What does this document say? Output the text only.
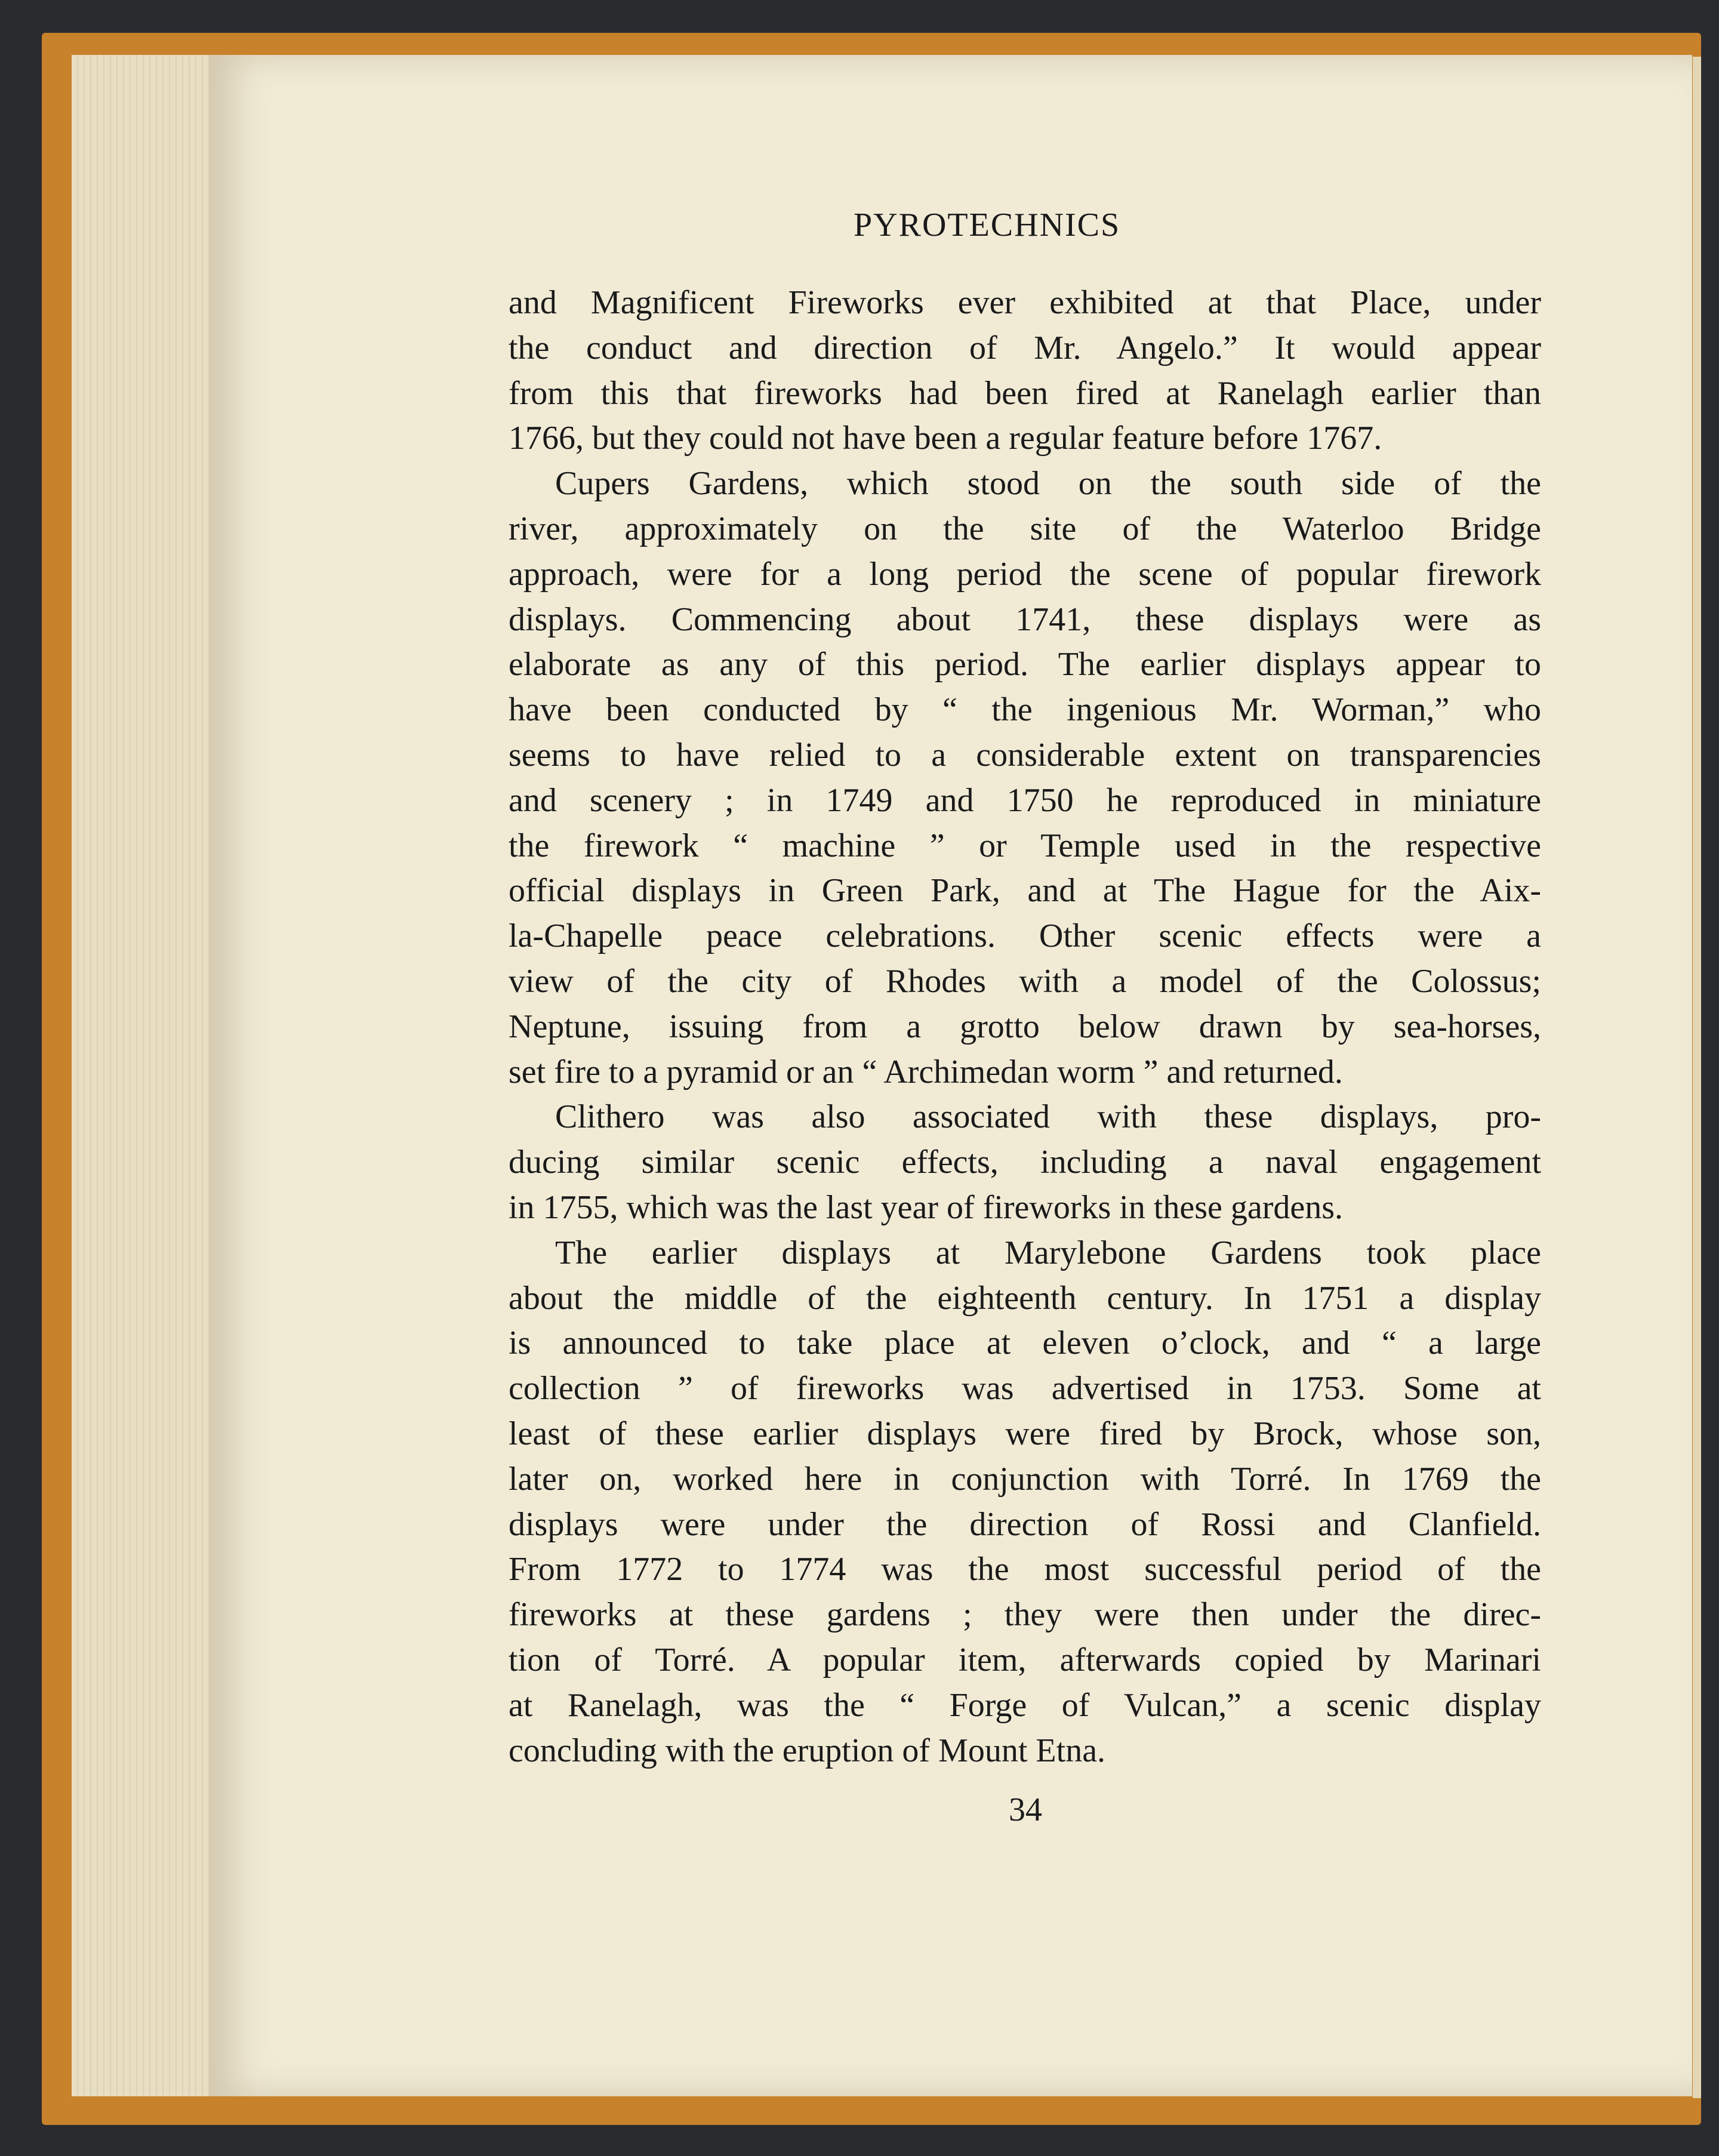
PYROTECHNICS
and Magnificent Fireworks ever exhibited at that Place, under
the conduct and direction of Mr. Angelo.” It would appear
from this that fireworks had been fired at Ranelagh earlier than
1766, but they could not have been a regular feature before 1767.
Cupers Gardens, which stood on the south side of the
river, approximately on the site of the Waterloo Bridge
approach, were for a long period the scene of popular firework
displays. Commencing about 1741, these displays were as
elaborate as any of this period. The earlier displays appear to
have been conducted by “ the ingenious Mr. Worman,” who
seems to have relied to a considerable extent on transparencies
and scenery ; in 1749 and 1750 he reproduced in miniature
the firework “ machine ” or Temple used in the respective
official displays in Green Park, and at The Hague for the Aix-
la-Chapelle peace celebrations. Other scenic effects were a
view of the city of Rhodes with a model of the Colossus;
Neptune, issuing from a grotto below drawn by sea-horses,
set fire to a pyramid or an “ Archimedan worm ” and returned.
Clithero was also associated with these displays, pro-
ducing similar scenic effects, including a naval engagement
in 1755, which was the last year of fireworks in these gardens.
The earlier displays at Marylebone Gardens took place
about the middle of the eighteenth century. In 1751 a display
is announced to take place at eleven o’clock, and “ a large
collection ” of fireworks was advertised in 1753. Some at
least of these earlier displays were fired by Brock, whose son,
later on, worked here in conjunction with Torré. In 1769 the
displays were under the direction of Rossi and Clanfield.
From 1772 to 1774 was the most successful period of the
fireworks at these gardens ; they were then under the direc-
tion of Torré. A popular item, afterwards copied by Marinari
at Ranelagh, was the “ Forge of Vulcan,” a scenic display
concluding with the eruption of Mount Etna.
34
